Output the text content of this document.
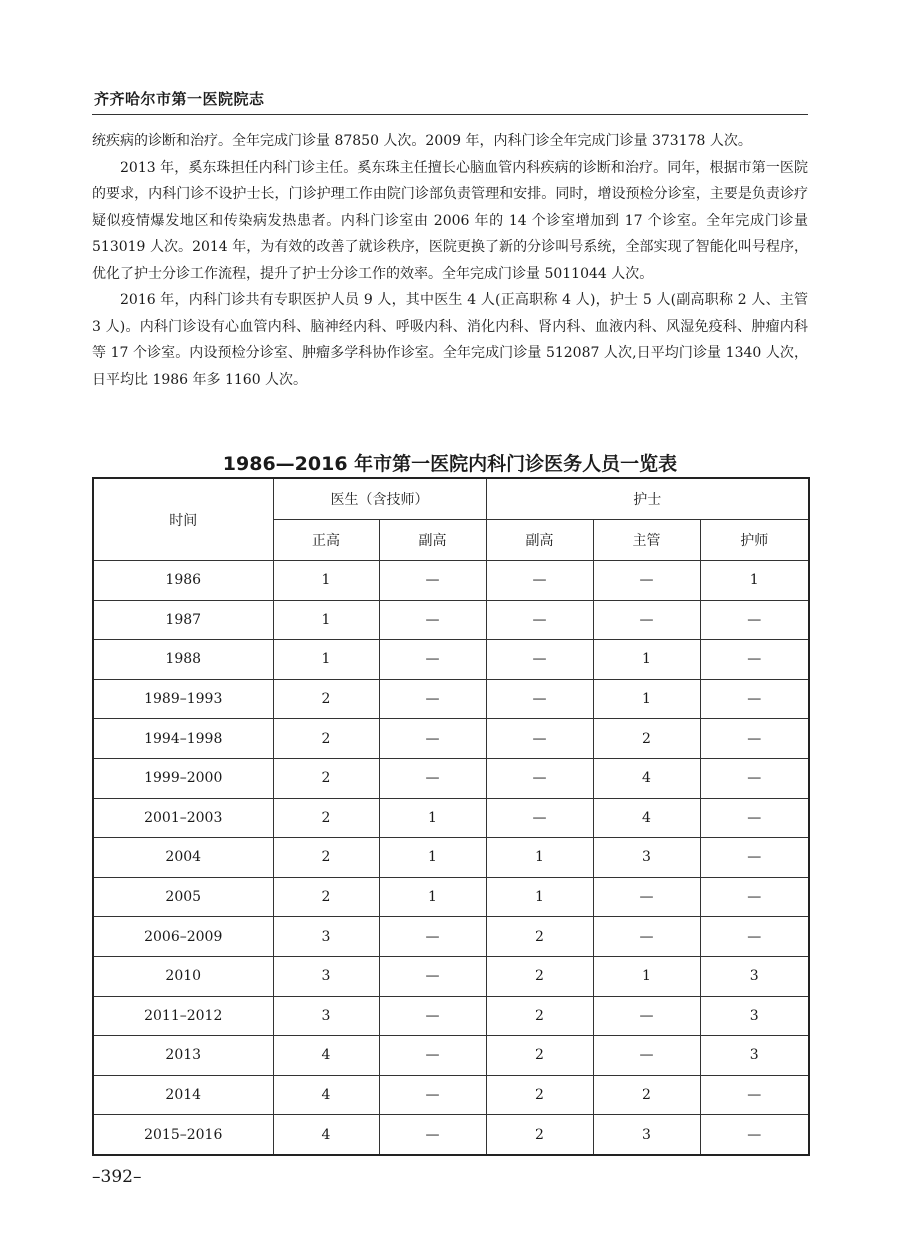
齐齐哈尔市第一医院院志

统疾病的诊断和治疗。全年完成门诊量 87850 人次。2009 年，内科门诊全年完成门诊量 373178 人次。

2013 年，奚东珠担任内科门诊主任。奚东珠主任擅长心脑血管内科疾病的诊断和治疗。同年，根据市第一医院的要求，内科门诊不设护士长，门诊护理工作由院门诊部负责管理和安排。同时，增设预检分诊室，主要是负责诊疗疑似疫情爆发地区和传染病发热患者。内科门诊室由 2006 年的 14 个诊室增加到 17 个诊室。全年完成门诊量 513019 人次。2014 年，为有效的改善了就诊秩序，医院更换了新的分诊叫号系统，全部实现了智能化叫号程序，优化了护士分诊工作流程，提升了护士分诊工作的效率。全年完成门诊量 5011044 人次。

2016 年，内科门诊共有专职医护人员 9 人，其中医生 4 人(正高职称 4 人)，护士 5 人(副高职称 2 人、主管 3 人)。内科门诊设有心血管内科、脑神经内科、呼吸内科、消化内科、肾内科、血液内科、风湿免疫科、肿瘤内科等 17 个诊室。内设预检分诊室、肿瘤多学科协作诊室。全年完成门诊量 512087 人次,日平均门诊量 1340 人次，日平均比 1986 年多 1160 人次。

1986—2016 年市第一医院内科门诊医务人员一览表
时间	医生（含技师）		护士		
	正高	副高	副高	主管	护师
1986	1	—	—	—	1
1987	1	—	—	—	—
1988	1	—	—	1	—
1989–1993	2	—	—	1	—
1994–1998	2	—	—	2	—
1999–2000	2	—	—	4	—
2001–2003	2	1	—	4	—
2004	2	1	1	3	—
2005	2	1	1	—	—
2006–2009	3	—	2	—	—
2010	3	—	2	1	3
2011–2012	3	—	2	—	3
2013	4	—	2	—	3
2014	4	—	2	2	—
2015–2016	4	—	2	3	—
–392–
